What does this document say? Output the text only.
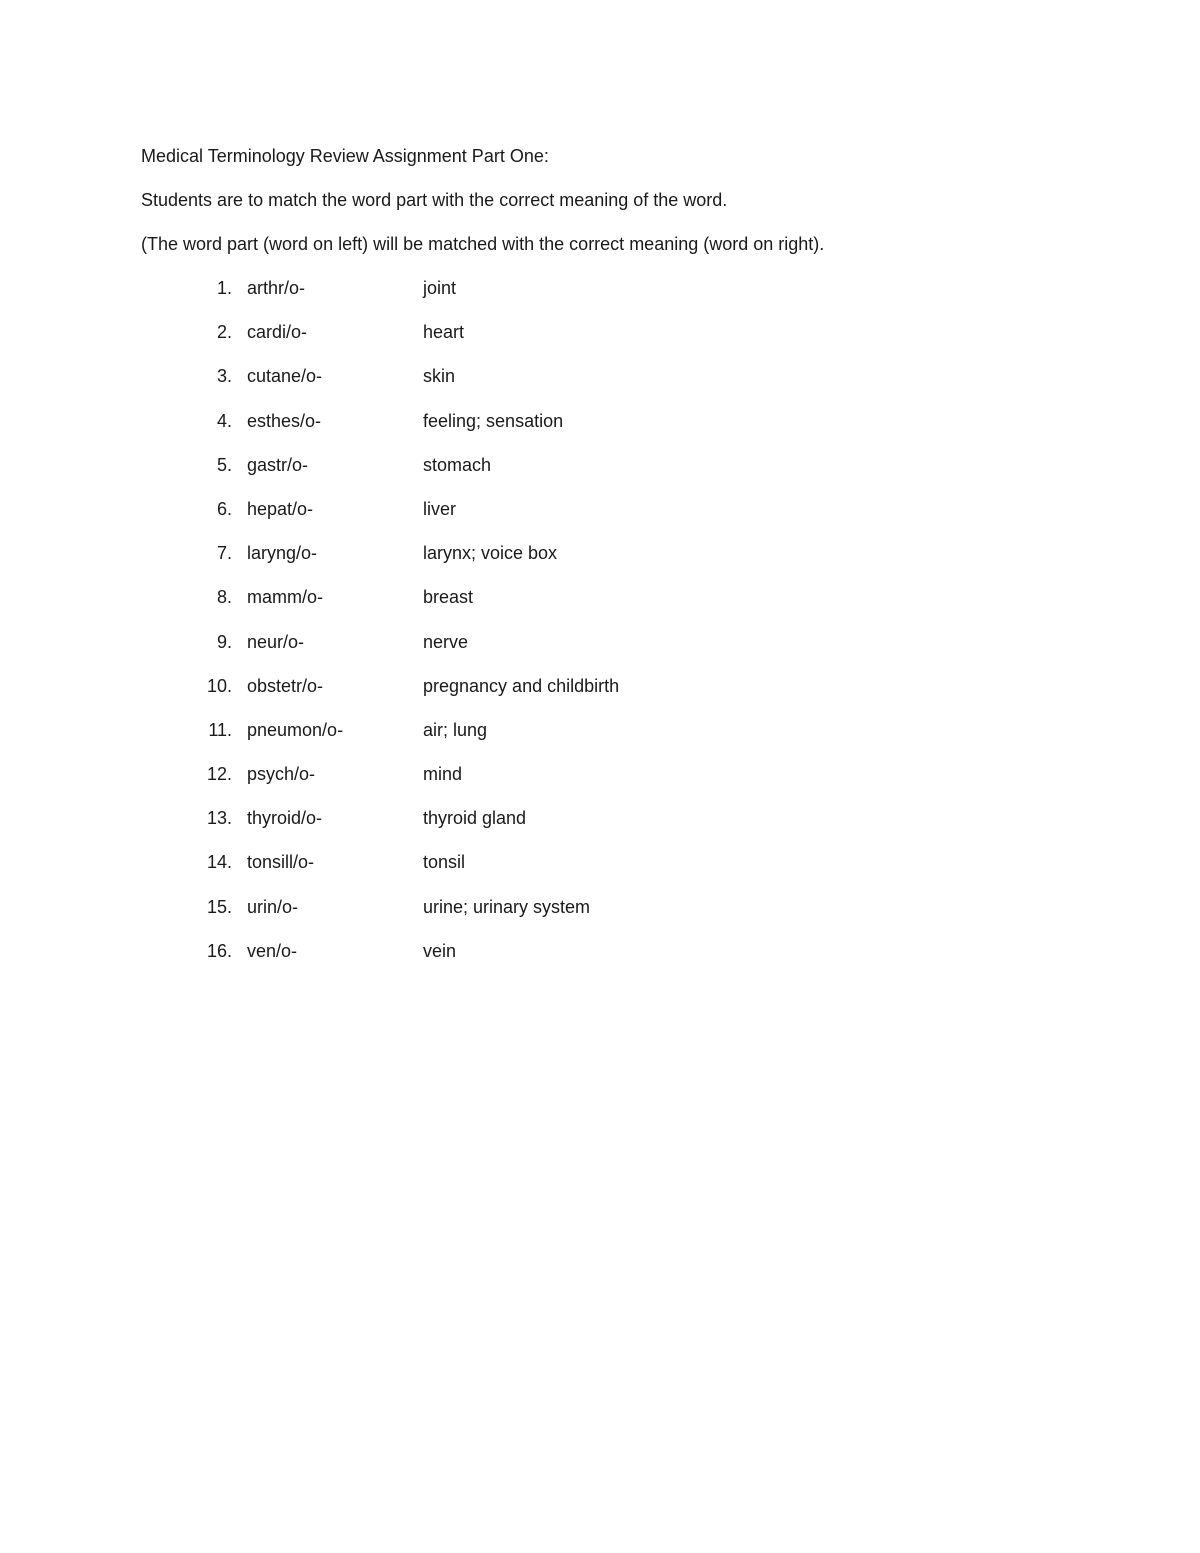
Medical Terminology Review Assignment Part One:
Students are to match the word part with the correct meaning of the word.
(The word part (word on left) will be matched with the correct meaning (word on right).
1. arthr/o-	joint
2. cardi/o-	heart
3. cutane/o-	skin
4. esthes/o-	feeling; sensation
5. gastr/o-	stomach
6. hepat/o-	liver
7. laryng/o-	larynx; voice box
8. mamm/o-	breast
9. neur/o-	nerve
10. obstetr/o-	pregnancy and childbirth
11. pneumon/o-	air; lung
12. psych/o-	mind
13. thyroid/o-	thyroid gland
14. tonsill/o-	tonsil
15. urin/o-	urine; urinary system
16. ven/o-	vein
